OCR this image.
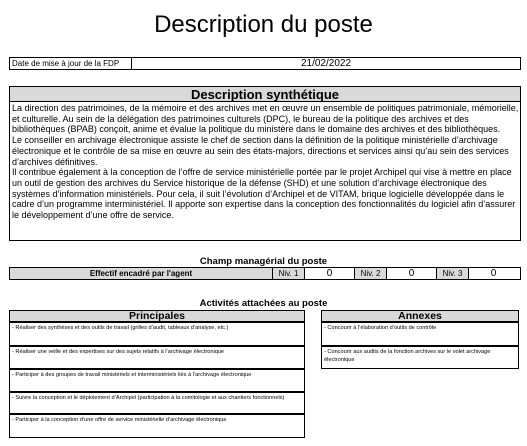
Description du poste
Date de mise à jour de la FDP	21/02/2022
Description synthétique

La direction des patrimoines, de la mémoire et des archives met en œuvre un ensemble de politiques patrimoniale, mémorielle, et culturelle. Au sein de la délégation des patrimoines culturels (DPC), le bureau de la politique des archives et des bibliothèques (BPAB) conçoit, anime et évalue la politique du ministère dans le domaine des archives et des bibliothèques.

Le conseiller en archivage électronique assiste le chef de section dans la définition de la politique ministérielle d’archivage électronique et le contrôle de sa mise en œuvre au sein des états-majors, directions et services ainsi qu’au sein des services d’archives définitives.

Il contribue également à la conception de l’offre de service ministérielle portée par le projet Archipel qui vise à mettre en place un outil de gestion des archives du Service historique de la défense (SHD) et une solution d’archivage électronique des systèmes d’information ministériels. Pour cela, il suit l’évolution d’Archipel et de VITAM, brique logicielle développée dans le cadre d’un programme interministériel. Il apporte son expertise dans la conception des fonctionnalités du logiciel afin d’assurer le développement d’une offre de service.

Champ managérial du poste
Effectif encadré par l'agent	Niv. 1	0	Niv. 2	0	Niv. 3	0
Activités attachées au poste
Principales	Annexes
- Réaliser des synthèses et des outils de travail (grilles d’audit, tableaux d’analyse, etc.)
- Réaliser une veille et des expertises sur des sujets relatifs à l’archivage électronique
- Participer à des groupes de travail ministériels et interministériels liés à l’archivage électronique
- Suivre la conception et le déploiement d’Archipel (participation à la comitologie et aux chantiers fonctionnels)
- Participer à la conception d’une offre de service ministérielle d’archivage électronique
- Concourir à l’élaboration d’outils de contrôle
- Concourir aux audits de la fonction archives sur le volet archivage électronique
